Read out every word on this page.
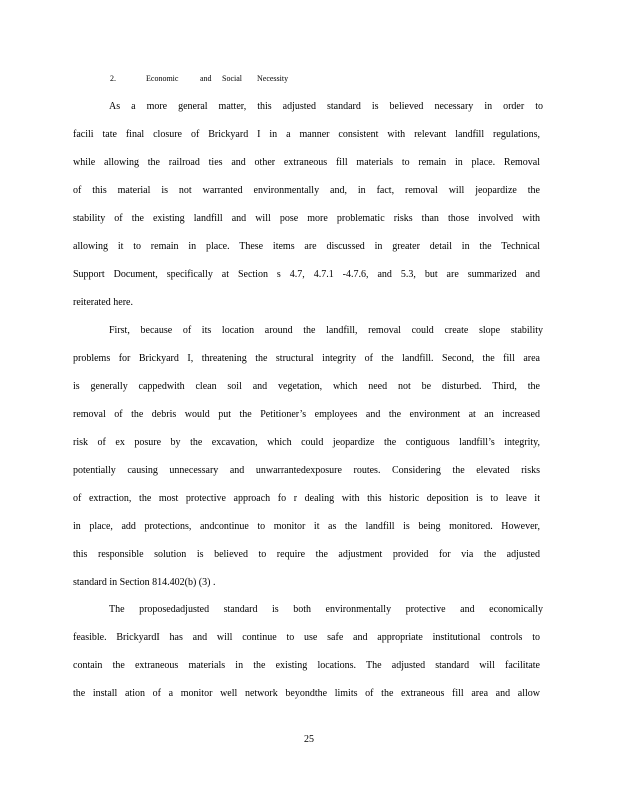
2.	Economic	and Social Necessity
As a more general matter, this adjusted standard is believed necessary in order to
facili tate final closure of Brickyard I in a manner consistent with relevant landfill regulations,
while allowing the railroad ties and other extraneous fill materials to remain in place. Removal
of this material is not warranted environmentally and, in fact, removal will jeopardize the
stability of the existing landfill and will pose more problematic risks than those involved with
allowing it to remain in place. These items are discussed in greater detail in the Technical
Support Document, specifically at Section s 4.7, 4.7.1 -4.7.6, and 5.3, but are summarized and
reiterated here.
First, because of its location around the landfill, removal could create slope stability
problems for Brickyard I, threatening the structural integrity of the landfill. Second, the fill area
is generally cappedwith clean soil and vegetation, which need not be disturbed. Third, the
removal of the debris would put the Petitioner’s employees and the environment at an increased
risk of ex posure by the excavation, which could jeopardize the contiguous landfill’s integrity,
potentially causing unnecessary and unwarrantedexposure routes. Considering the elevated risks
of extraction, the most protective approach fo r dealing with this historic deposition is to leave it
in place, add protections, andcontinue to monitor it as the landfill is being monitored. However,
this responsible solution is believed to require the adjustment provided for via the adjusted
standard in Section 814.402(b) (3) .
The proposedadjusted standard is both environmentally protective and economically
feasible. BrickyardI has and will continue to use safe and appropriate institutional controls to
contain the extraneous materials in the existing locations. The adjusted standard will facilitate
the install ation of a monitor well network beyondthe limits of the extraneous fill area and allow
25
